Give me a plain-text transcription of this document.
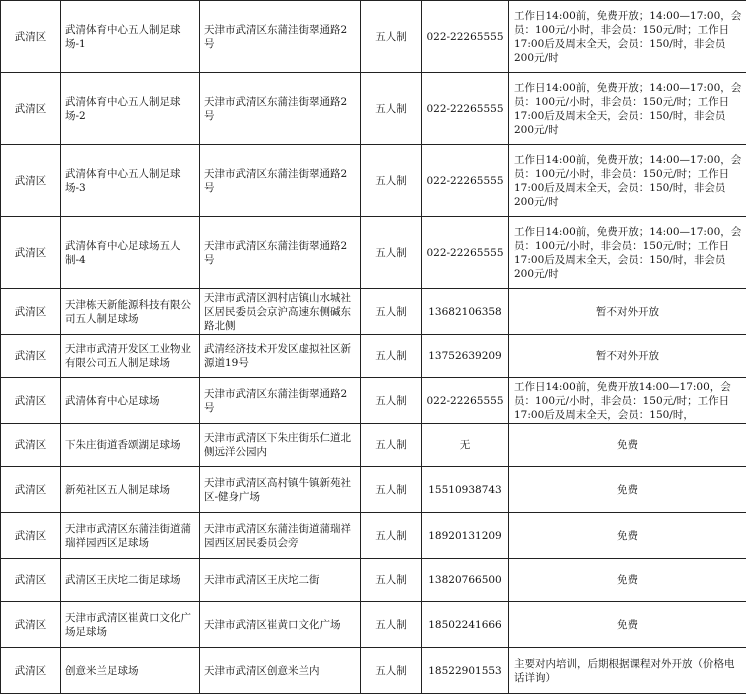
武清区	武清体育中心五人制足球场-1	天津市武清区东蒲洼街翠通路2号	五人制	022-22265555	工作日14:00前，免费开放；14:00—17:00，会员：100元/小时，非会员：150元/时；工作日17:00后及周末全天，会员：150/时，非会员200元/时
武清区	武清体育中心五人制足球场-2	天津市武清区东蒲洼街翠通路2号	五人制	022-22265555	工作日14:00前，免费开放；14:00—17:00，会员：100元/小时，非会员：150元/时；工作日17:00后及周末全天，会员：150/时，非会员200元/时
武清区	武清体育中心五人制足球场-3	天津市武清区东蒲洼街翠通路2号	五人制	022-22265555	工作日14:00前，免费开放；14:00—17:00，会员：100元/小时，非会员：150元/时；工作日17:00后及周末全天，会员：150/时，非会员200元/时
武清区	武清体育中心足球场五人制-4	天津市武清区东蒲洼街翠通路2号	五人制	022-22265555	工作日14:00前，免费开放；14:00—17:00，会员：100元/小时，非会员：150元/时；工作日17:00后及周末全天，会员：150/时，非会员200元/时
武清区	天津栋天新能源科技有限公司五人制足球场	天津市武清区泗村店镇山水城社区居民委员会京沪高速东侧碱东路北侧	五人制	13682106358	暂不对外开放
武清区	天津市武清开发区工业物业有限公司五人制足球场	武清经济技术开发区虚拟社区新源道19号	五人制	13752639209	暂不对外开放
武清区	武清体育中心足球场	天津市武清区东蒲洼街翠通路2号	五人制	022-22265555	工作日14:00前，免费开放14:00—17:00，会员：100元/小时，非会员：150元/时；工作日17:00后及周末全天，会员：150/时，
武清区	下朱庄街道香颂湖足球场	天津市武清区下朱庄街乐仁道北侧远洋公园内	五人制	无	免费
武清区	新苑社区五人制足球场	天津市武清区高村镇牛镇新苑社区-健身广场	五人制	15510938743	免费
武清区	天津市武清区东蒲洼街道蒲瑞祥园西区足球场	天津市武清区东蒲洼街道蒲瑞祥园西区居民委员会旁	五人制	18920131209	免费
武清区	武清区王庆坨二街足球场	天津市武清区王庆坨二街	五人制	13820766500	免费
武清区	天津市武清区崔黄口文化广场足球场	天津市武清区崔黄口文化广场	五人制	18502241666	免费
武清区	创意米兰足球场	天津市武清区创意米兰内	五人制	18522901553	主要对内培训，后期根据课程对外开放（价格电话详询）
